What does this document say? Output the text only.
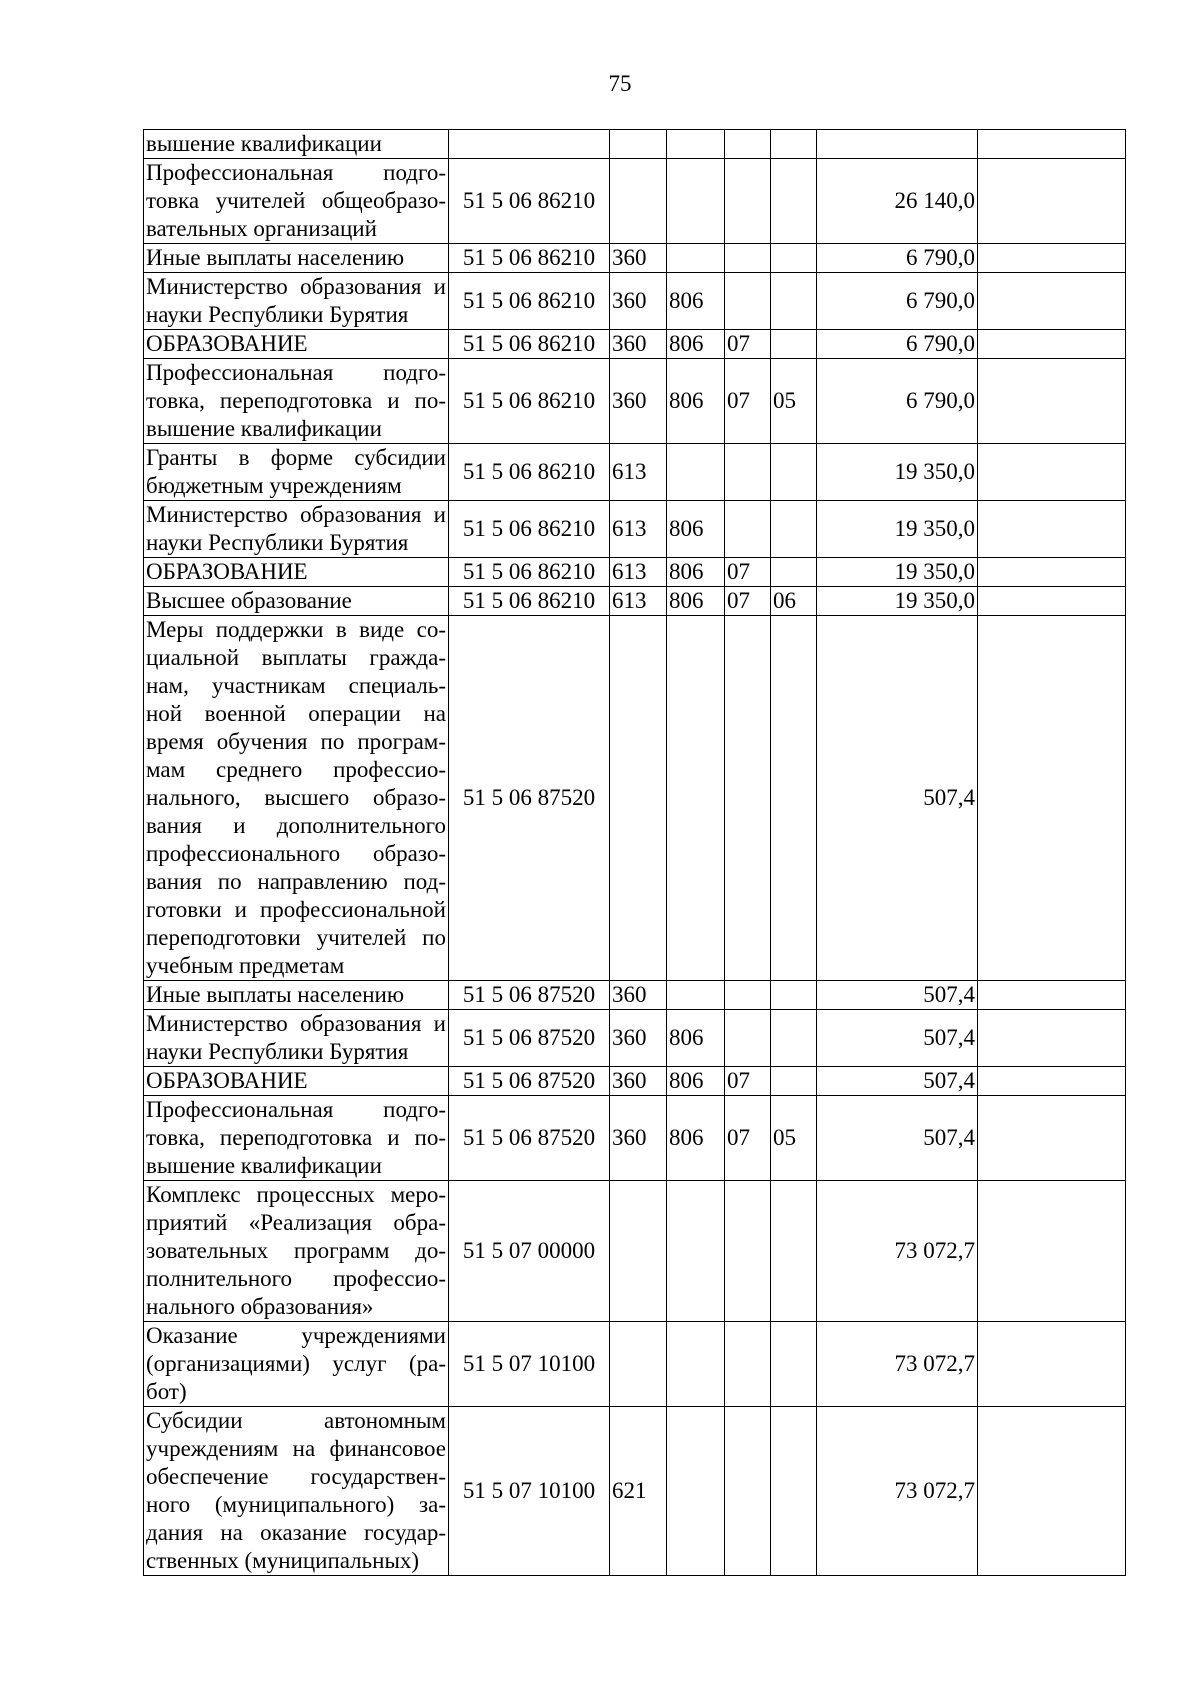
75
вышение квалификации							
Профессиональная подго-товка учителей общеобразо-вательных организаций	51 5 06 86210					26 140,0	
Иные выплаты населению	51 5 06 86210	360				6 790,0	
Министерство образования и науки Республики Бурятия	51 5 06 86210	360	806			6 790,0	
ОБРАЗОВАНИЕ	51 5 06 86210	360	806	07		6 790,0	
Профессиональная подго-товка, переподготовка и по-вышение квалификации	51 5 06 86210	360	806	07	05	6 790,0	
Гранты в форме субсидии бюджетным учреждениям	51 5 06 86210	613				19 350,0	
Министерство образования и науки Республики Бурятия	51 5 06 86210	613	806			19 350,0	
ОБРАЗОВАНИЕ	51 5 06 86210	613	806	07		19 350,0	
Высшее образование	51 5 06 86210	613	806	07	06	19 350,0	
Меры поддержки в виде со-циальной выплаты гражда-нам, участникам специаль-ной военной операции на время обучения по програм-мам среднего профессио-нального, высшего образо-вания и дополнительного профессионального образо-вания по направлению под-готовки и профессиональной переподготовки учителей по учебным предметам	51 5 06 87520					507,4	
Иные выплаты населению	51 5 06 87520	360				507,4	
Министерство образования и науки Республики Бурятия	51 5 06 87520	360	806			507,4	
ОБРАЗОВАНИЕ	51 5 06 87520	360	806	07		507,4	
Профессиональная подго-товка, переподготовка и по-вышение квалификации	51 5 06 87520	360	806	07	05	507,4	
Комплекс процессных меро-приятий «Реализация обра-зовательных программ до-полнительного профессио-нального образования»	51 5 07 00000					73 072,7	
Оказание учреждениями (организациями) услуг (ра-бот)	51 5 07 10100					73 072,7	
Субсидии автономным учреждениям на финансовое обеспечение государствен-ного (муниципального) за-дания на оказание государ-ственных (муниципальных)	51 5 07 10100	621				73 072,7	
